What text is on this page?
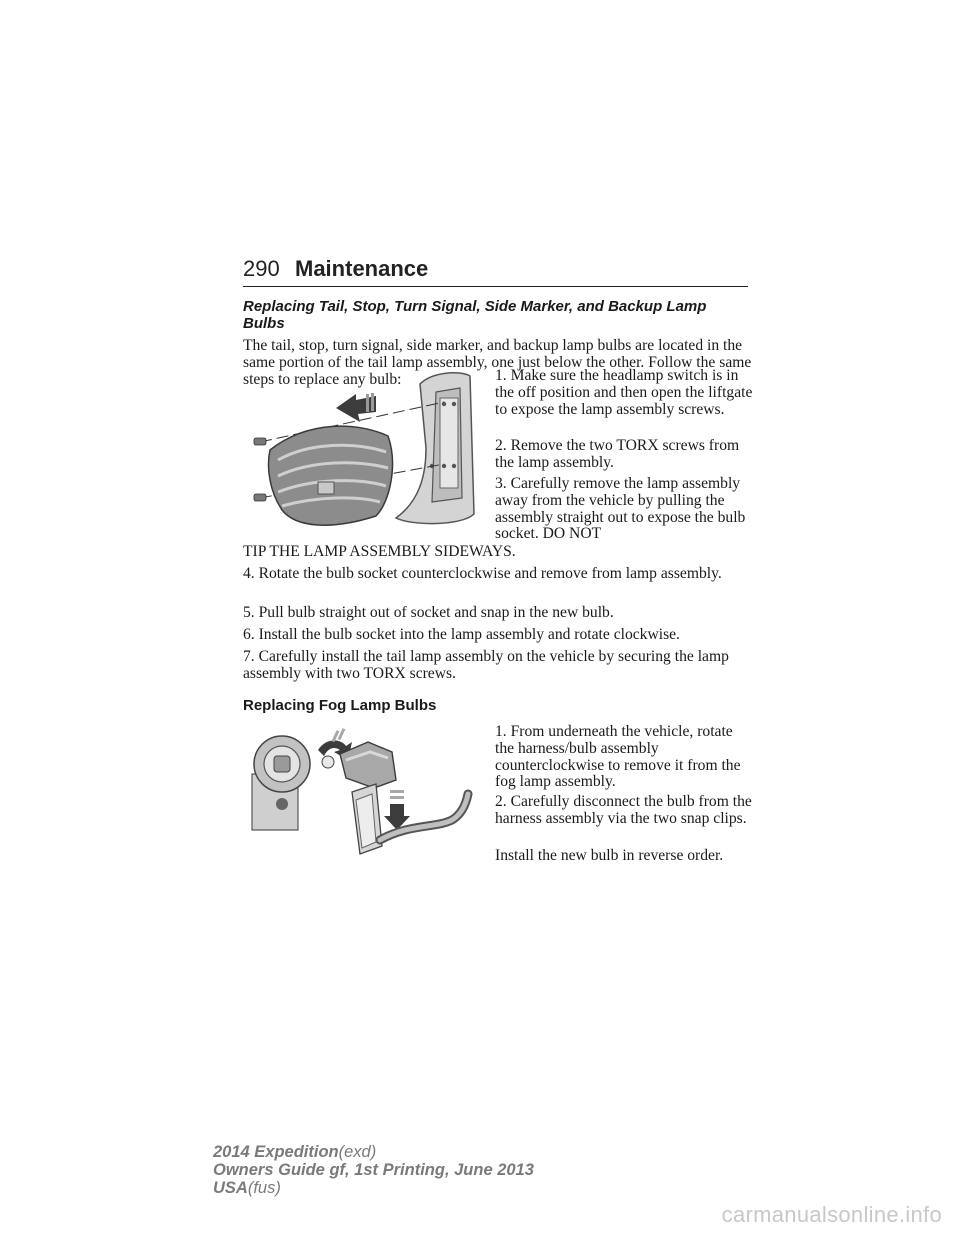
290 Maintenance
Replacing Tail, Stop, Turn Signal, Side Marker, and Backup Lamp
Bulbs

The tail, stop, turn signal, side marker, and backup lamp bulbs are located in the same portion of the tail lamp assembly, one just below the other. Follow the same steps to replace any bulb:	1. Make sure the headlamp switch is in the off position and then open the liftgate to expose the lamp assembly screws.

2. Remove the two TORX screws from the lamp assembly.

3. Carefully remove the lamp assembly away from the vehicle by pulling the assembly straight out to expose the bulb socket. DO NOT

TIP THE LAMP ASSEMBLY SIDEWAYS.

4. Rotate the bulb socket counterclockwise and remove from lamp assembly.

5. Pull bulb straight out of socket and snap in the new bulb.

6. Install the bulb socket into the lamp assembly and rotate clockwise.

7. Carefully install the tail lamp assembly on the vehicle by securing the lamp assembly with two TORX screws.

Replacing Fog Lamp Bulbs

1. From underneath the vehicle, rotate the harness/bulb assembly counterclockwise to remove it from the fog lamp assembly.

2. Carefully disconnect the bulb from the harness assembly via the two snap clips.

Install the new bulb in reverse order.

2014 Expedition(exd)
Owners Guide gf, 1st Printing, June 2013
USA(fus)
carmanualsonline.info
